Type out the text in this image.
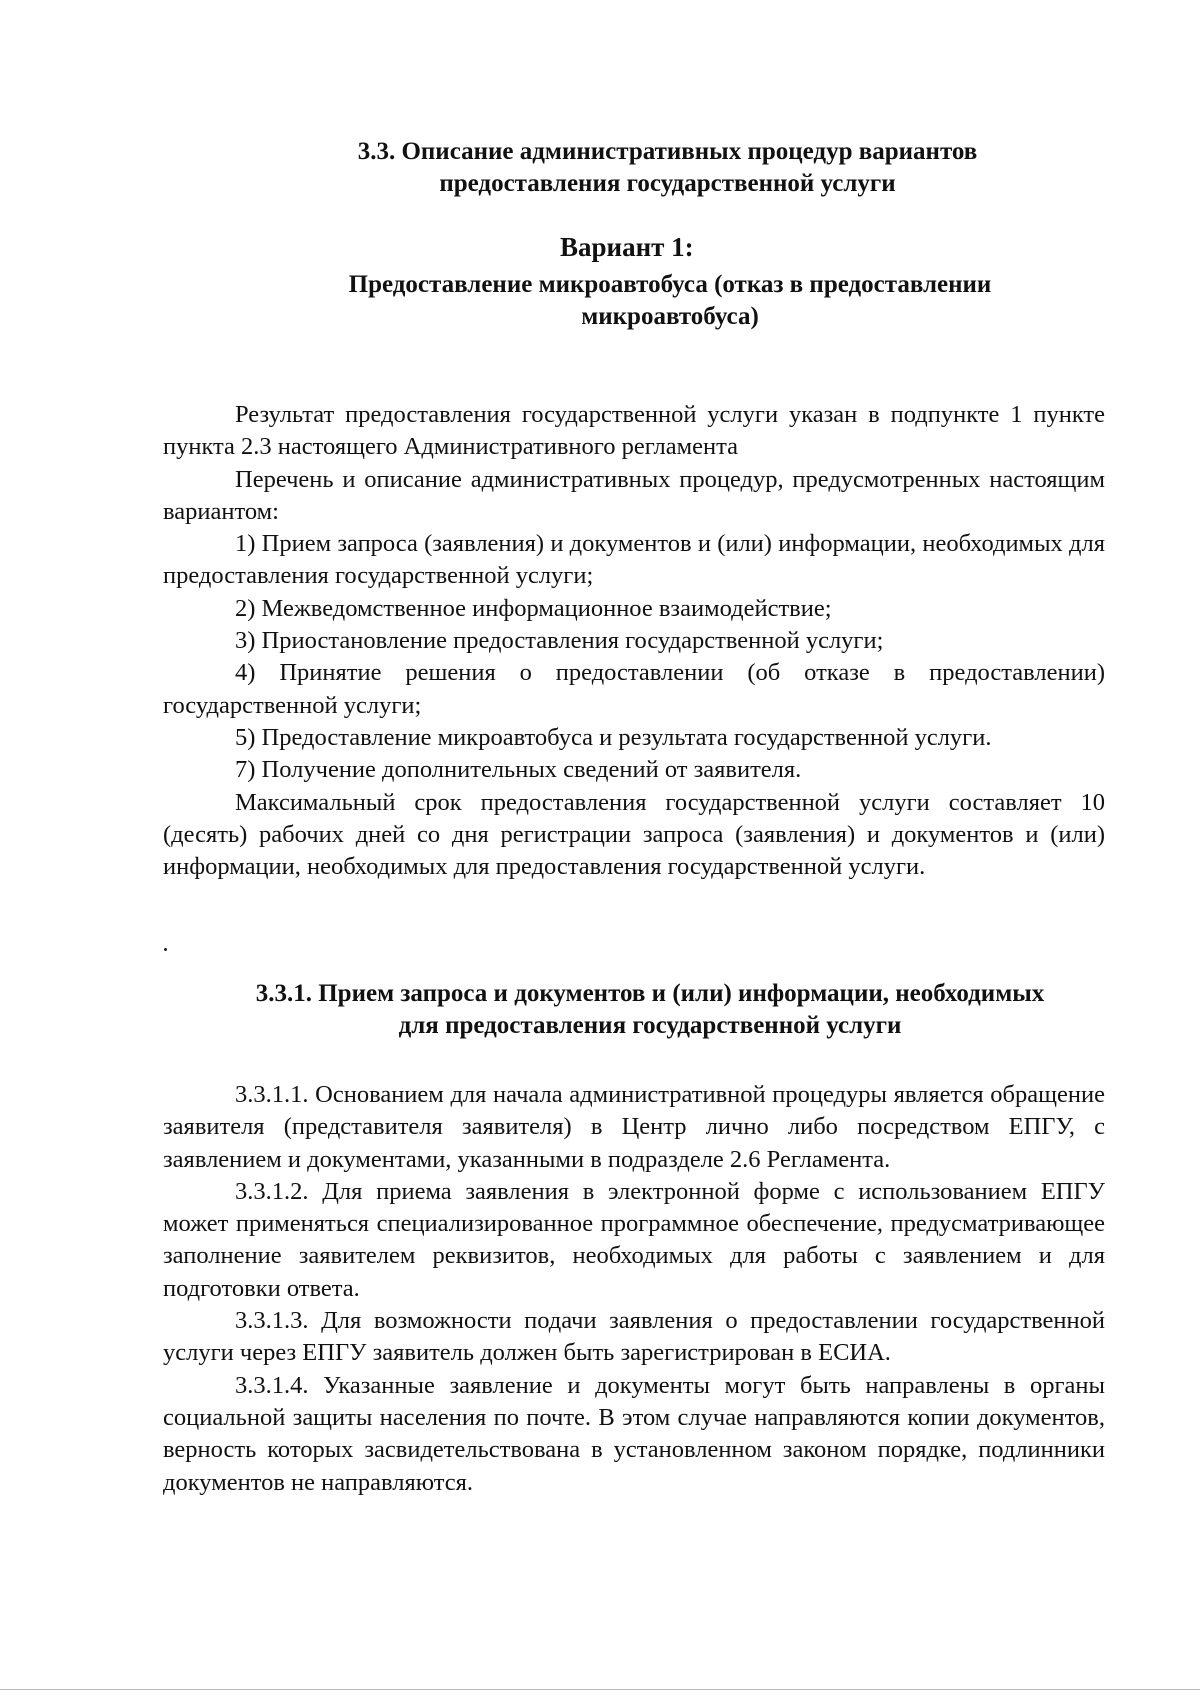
3.3. Описание административных процедур вариантов предоставления государственной услуги
Вариант 1:
Предоставление микроавтобуса (отказ в предоставлении микроавтобуса)

Результат предоставления государственной услуги указан в подпункте 1 пункте пункта 2.3 настоящего Административного регламента

Перечень и описание административных процедур, предусмотренных настоящим вариантом:

1) Прием запроса (заявления) и документов и (или) информации, необходимых для предоставления государственной услуги;

2) Межведомственное информационное взаимодействие;

3) Приостановление предоставления государственной услуги;

4) Принятие решения о предоставлении (об отказе в предоставлении) государственной услуги;

5) Предоставление микроавтобуса и результата государственной услуги.

7) Получение дополнительных сведений от заявителя.

Максимальный срок предоставления государственной услуги составляет 10 (десять) рабочих дней со дня регистрации запроса (заявления) и документов и (или) информации, необходимых для предоставления государственной услуги.

3.3.1. Прием запроса и документов и (или) информации, необходимых для предоставления государственной услуги

3.3.1.1. Основанием для начала административной процедуры является обращение заявителя (представителя заявителя) в Центр лично либо посредством ЕПГУ, с заявлением и документами, указанными в подразделе 2.6 Регламента.

3.3.1.2. Для приема заявления в электронной форме с использованием ЕПГУ может применяться специализированное программное обеспечение, предусматривающее заполнение заявителем реквизитов, необходимых для работы с заявлением и для подготовки ответа.

3.3.1.3. Для возможности подачи заявления о предоставлении государственной услуги через ЕПГУ заявитель должен быть зарегистрирован в ЕСИА.

3.3.1.4. Указанные заявление и документы могут быть направлены в органы социальной защиты населения по почте. В этом случае направляются копии документов, верность которых засвидетельствована в установленном законом порядке, подлинники документов не направляются.
